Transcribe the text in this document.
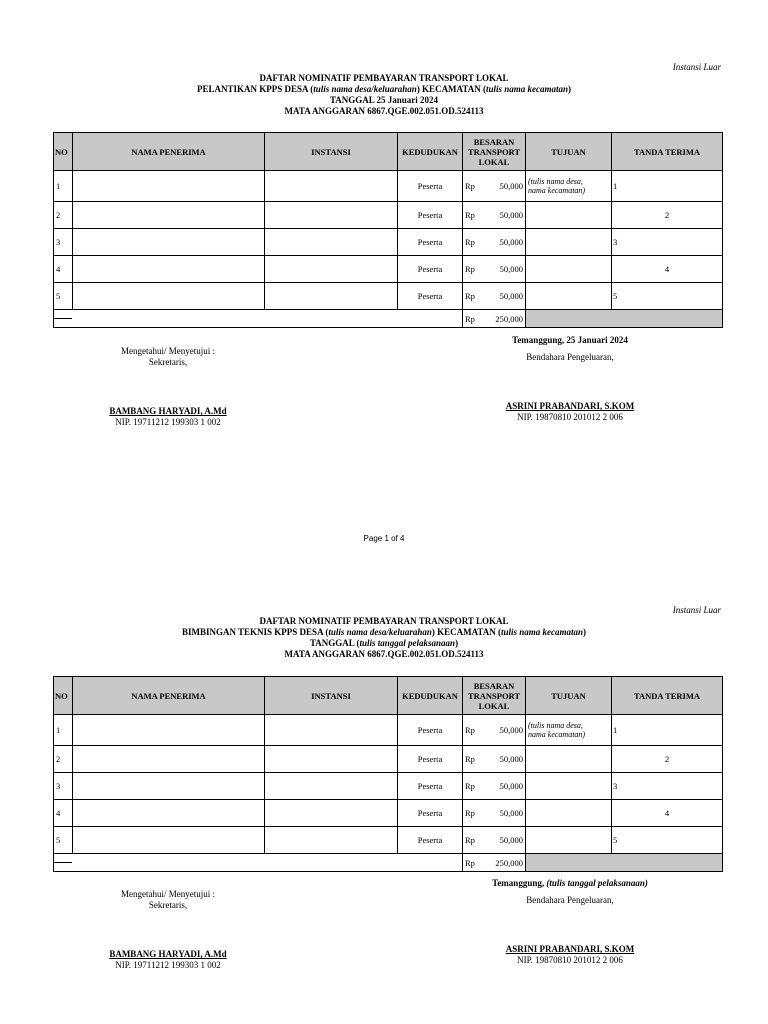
Instansi Luar
DAFTAR NOMINATIF PEMBAYARAN TRANSPORT LOKAL
PELANTIKAN KPPS DESA (tulis nama desa/keluarahan) KECAMATAN (tulis nama kecamatan)
TANGGAL 25 Januari 2024
MATA ANGGARAN 6867.QGE.002.051.OD.524113
NO	NAMA PENERIMA	INSTANSI	KEDUDUKAN	BESARAN
TRANSPORT
LOKAL		TUJUAN	TANDA TERIMA
1			Peserta	Rp	50,000	(tulis nama desa,
nama kecamatan)	1
2			Peserta	Rp	50,000		2
3			Peserta	Rp	50,000		3
4			Peserta	Rp	50,000		4
5			Peserta	Rp	50,000		5

				Rp	250,000		
Mengetahui/ Menyetujui :
Sekretaris,
BAMBANG HARYADI, A.Md
NIP. 19711212 199303 1 002
Temanggung, 25 Januari 2024
Bendahara Pengeluaran,
ASRINI PRABANDARI, S.KOM
NIP. 19870810 201012 2 006
Page 1 of 4
Instansi Luar
DAFTAR NOMINATIF PEMBAYARAN TRANSPORT LOKAL
BIMBINGAN TEKNIS KPPS DESA (tulis nama desa/keluarahan) KECAMATAN (tulis nama kecamatan)
TANGGAL (tulis tanggal pelaksanaan)
MATA ANGGARAN 6867.QGE.002.051.OD.524113
NO	NAMA PENERIMA	INSTANSI	KEDUDUKAN	BESARAN
TRANSPORT
LOKAL		TUJUAN	TANDA TERIMA
1			Peserta	Rp	50,000	(tulis nama desa,
nama kecamatan)	1
2			Peserta	Rp	50,000		2
3			Peserta	Rp	50,000		3
4			Peserta	Rp	50,000		4
5			Peserta	Rp	50,000		5

				Rp	250,000		
Mengetahui/ Menyetujui :
Sekretaris,
BAMBANG HARYADI, A.Md
NIP. 19711212 199303 1 002
Temanggung, (tulis tanggal pelaksanaan)
Bendahara Pengeluaran,
ASRINI PRABANDARI, S.KOM
NIP. 19870810 201012 2 006
